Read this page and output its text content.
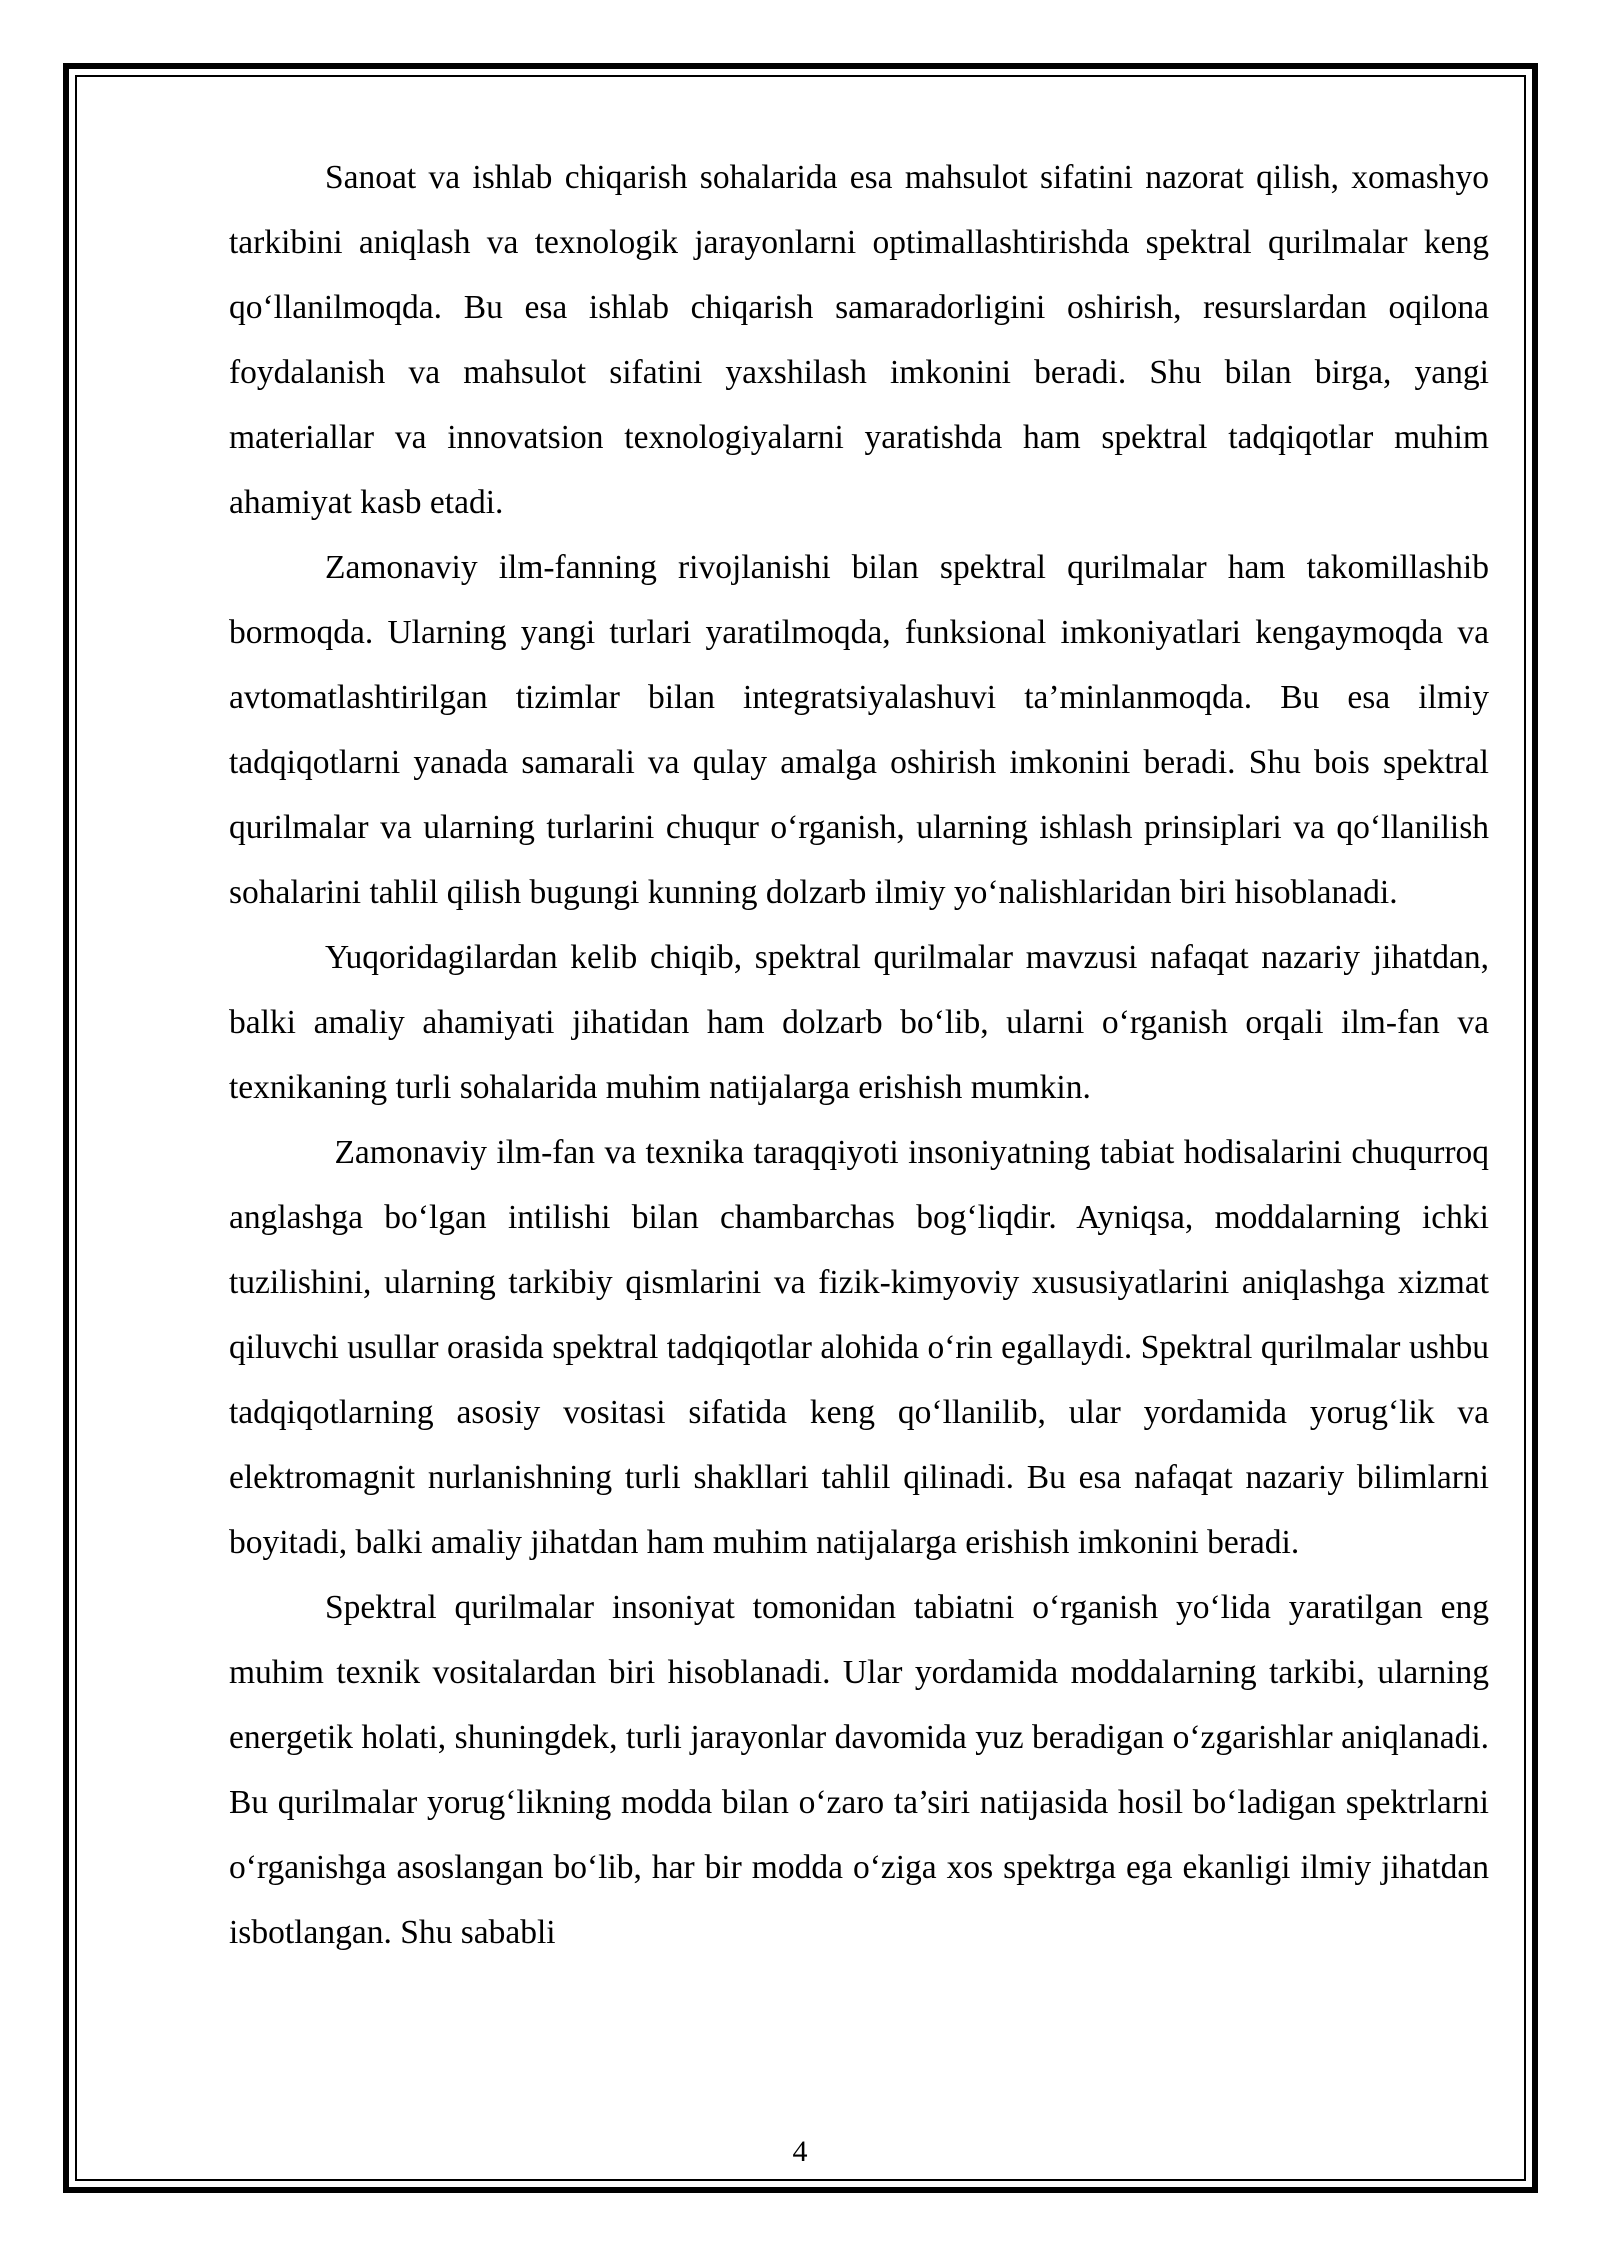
Sanoat va ishlab chiqarish sohalarida esa mahsulot sifatini nazorat qilish, xomashyo tarkibini aniqlash va texnologik jarayonlarni optimallashtirishda spektral qurilmalar keng qo‘llanilmoqda. Bu esa ishlab chiqarish samaradorligini oshirish, resurslardan oqilona foydalanish va mahsulot sifatini yaxshilash imkonini beradi. Shu bilan birga, yangi materiallar va innovatsion texnologiyalarni yaratishda ham spektral tadqiqotlar muhim ahamiyat kasb etadi.

Zamonaviy ilm-fanning rivojlanishi bilan spektral qurilmalar ham takomillashib bormoqda. Ularning yangi turlari yaratilmoqda, funksional imkoniyatlari kengaymoqda va avtomatlashtirilgan tizimlar bilan integratsiyalashuvi ta’minlanmoqda. Bu esa ilmiy tadqiqotlarni yanada samarali va qulay amalga oshirish imkonini beradi. Shu bois spektral qurilmalar va ularning turlarini chuqur o‘rganish, ularning ishlash prinsiplari va qo‘llanilish sohalarini tahlil qilish bugungi kunning dolzarb ilmiy yo‘nalishlaridan biri hisoblanadi.

Yuqoridagilardan kelib chiqib, spektral qurilmalar mavzusi nafaqat nazariy jihatdan, balki amaliy ahamiyati jihatidan ham dolzarb bo‘lib, ularni o‘rganish orqali ilm-fan va texnikaning turli sohalarida muhim natijalarga erishish mumkin.

Zamonaviy ilm-fan va texnika taraqqiyoti insoniyatning tabiat hodisalarini chuqurroq anglashga bo‘lgan intilishi bilan chambarchas bog‘liqdir. Ayniqsa, moddalarning ichki tuzilishini, ularning tarkibiy qismlarini va fizik-kimyoviy xususiyatlarini aniqlashga xizmat qiluvchi usullar orasida spektral tadqiqotlar alohida o‘rin egallaydi. Spektral qurilmalar ushbu tadqiqotlarning asosiy vositasi sifatida keng qo‘llanilib, ular yordamida yorug‘lik va elektromagnit nurlanishning turli shakllari tahlil qilinadi. Bu esa nafaqat nazariy bilimlarni boyitadi, balki amaliy jihatdan ham muhim natijalarga erishish imkonini beradi.

Spektral qurilmalar insoniyat tomonidan tabiatni o‘rganish yo‘lida yaratilgan eng muhim texnik vositalardan biri hisoblanadi. Ular yordamida moddalarning tarkibi, ularning energetik holati, shuningdek, turli jarayonlar davomida yuz beradigan o‘zgarishlar aniqlanadi. Bu qurilmalar yorug‘likning modda bilan o‘zaro ta’siri natijasida hosil bo‘ladigan spektrlarni o‘rganishga asoslangan bo‘lib, har bir modda o‘ziga xos spektrga ega ekanligi ilmiy jihatdan isbotlangan. Shu sababli

4
